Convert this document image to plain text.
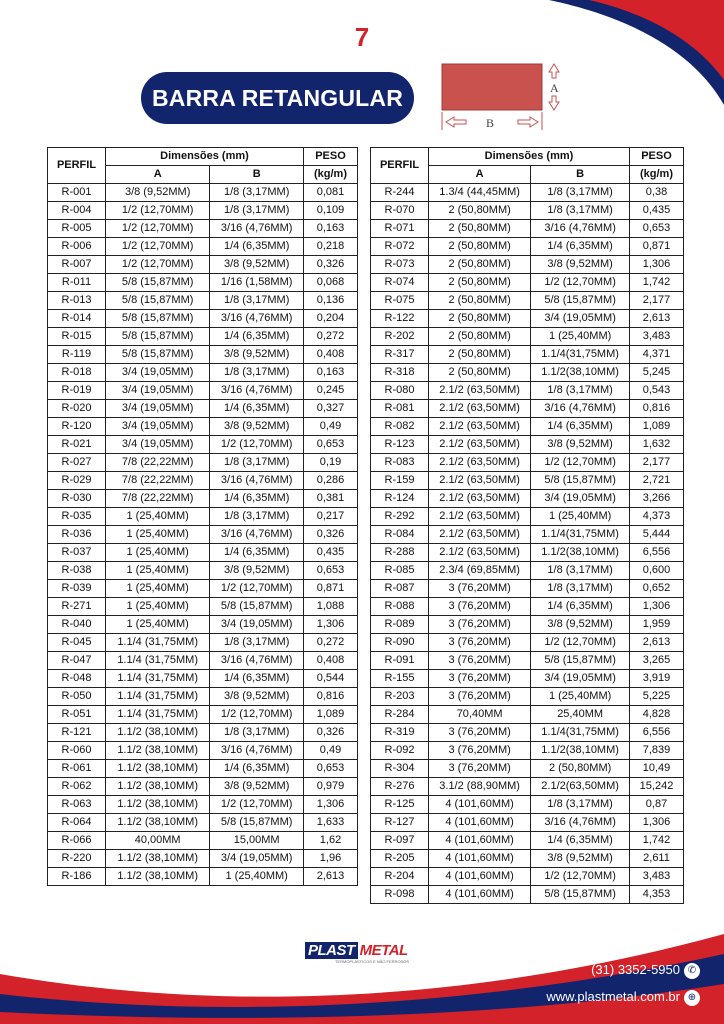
7
BARRA RETANGULAR	A
B
PERFIL	Dimensões (mm)		PESO
	A	B	(kg/m)
R-001	3/8 (9,52MM)	1/8 (3,17MM)	0,081
R-004	1/2 (12,70MM)	1/8 (3,17MM)	0,109
R-005	1/2 (12,70MM)	3/16 (4,76MM)	0,163
R-006	1/2 (12,70MM)	1/4 (6,35MM)	0,218
R-007	1/2 (12,70MM)	3/8 (9,52MM)	0,326
R-011	5/8 (15,87MM)	1/16 (1,58MM)	0,068
R-013	5/8 (15,87MM)	1/8 (3,17MM)	0,136
R-014	5/8 (15,87MM)	3/16 (4,76MM)	0,204
R-015	5/8 (15,87MM)	1/4 (6,35MM)	0,272
R-119	5/8 (15,87MM)	3/8 (9,52MM)	0,408
R-018	3/4 (19,05MM)	1/8 (3,17MM)	0,163
R-019	3/4 (19,05MM)	3/16 (4,76MM)	0,245
R-020	3/4 (19,05MM)	1/4 (6,35MM)	0,327
R-120	3/4 (19,05MM)	3/8 (9,52MM)	0,49
R-021	3/4 (19,05MM)	1/2 (12,70MM)	0,653
R-027	7/8 (22,22MM)	1/8 (3,17MM)	0,19
R-029	7/8 (22,22MM)	3/16 (4,76MM)	0,286
R-030	7/8 (22,22MM)	1/4 (6,35MM)	0,381
R-035	1 (25,40MM)	1/8 (3,17MM)	0,217
R-036	1 (25,40MM)	3/16 (4,76MM)	0,326
R-037	1 (25,40MM)	1/4 (6,35MM)	0,435
R-038	1 (25,40MM)	3/8 (9,52MM)	0,653
R-039	1 (25,40MM)	1/2 (12,70MM)	0,871
R-271	1 (25,40MM)	5/8 (15,87MM)	1,088
R-040	1 (25,40MM)	3/4 (19,05MM)	1,306
R-045	1.1/4 (31,75MM)	1/8 (3,17MM)	0,272
R-047	1.1/4 (31,75MM)	3/16 (4,76MM)	0,408
R-048	1.1/4 (31,75MM)	1/4 (6,35MM)	0,544
R-050	1.1/4 (31,75MM)	3/8 (9,52MM)	0,816
R-051	1.1/4 (31,75MM)	1/2 (12,70MM)	1,089
R-121	1.1/2 (38,10MM)	1/8 (3,17MM)	0,326
R-060	1.1/2 (38,10MM)	3/16 (4,76MM)	0,49
R-061	1.1/2 (38,10MM)	1/4 (6,35MM)	0,653
R-062	1.1/2 (38,10MM)	3/8 (9,52MM)	0,979
R-063	1.1/2 (38,10MM)	1/2 (12,70MM)	1,306
R-064	1.1/2 (38,10MM)	5/8 (15,87MM)	1,633
R-066	40,00MM	15,00MM	1,62
R-220	1.1/2 (38,10MM)	3/4 (19,05MM)	1,96
R-186	1.1/2 (38,10MM)	1 (25,40MM)	2,613
PERFIL	Dimensões (mm)		PESO
	A	B	(kg/m)
R-244	1.3/4 (44,45MM)	1/8 (3,17MM)	0,38
R-070	2 (50,80MM)	1/8 (3,17MM)	0,435
R-071	2 (50,80MM)	3/16 (4,76MM)	0,653
R-072	2 (50,80MM)	1/4 (6,35MM)	0,871
R-073	2 (50,80MM)	3/8 (9,52MM)	1,306
R-074	2 (50,80MM)	1/2 (12,70MM)	1,742
R-075	2 (50,80MM)	5/8 (15,87MM)	2,177
R-122	2 (50,80MM)	3/4 (19,05MM)	2,613
R-202	2 (50,80MM)	1 (25,40MM)	3,483
R-317	2 (50,80MM)	1.1/4(31,75MM)	4,371
R-318	2 (50,80MM)	1.1/2(38,10MM)	5,245
R-080	2.1/2 (63,50MM)	1/8 (3,17MM)	0,543
R-081	2.1/2 (63,50MM)	3/16 (4,76MM)	0,816
R-082	2.1/2 (63,50MM)	1/4 (6,35MM)	1,089
R-123	2.1/2 (63,50MM)	3/8 (9,52MM)	1,632
R-083	2.1/2 (63,50MM)	1/2 (12,70MM)	2,177
R-159	2.1/2 (63,50MM)	5/8 (15,87MM)	2,721
R-124	2.1/2 (63,50MM)	3/4 (19,05MM)	3,266
R-292	2.1/2 (63,50MM)	1 (25,40MM)	4,373
R-084	2.1/2 (63,50MM)	1.1/4(31,75MM)	5,444
R-288	2.1/2 (63,50MM)	1.1/2(38,10MM)	6,556
R-085	2.3/4 (69,85MM)	1/8 (3,17MM)	0,600
R-087	3 (76,20MM)	1/8 (3,17MM)	0,652
R-088	3 (76,20MM)	1/4 (6,35MM)	1,306
R-089	3 (76,20MM)	3/8 (9,52MM)	1,959
R-090	3 (76,20MM)	1/2 (12,70MM)	2,613
R-091	3 (76,20MM)	5/8 (15,87MM)	3,265
R-155	3 (76,20MM)	3/4 (19,05MM)	3,919
R-203	3 (76,20MM)	1 (25,40MM)	5,225
R-284	70,40MM	25,40MM	4,828
R-319	3 (76,20MM)	1.1/4(31,75MM)	6,556
R-092	3 (76,20MM)	1.1/2(38,10MM)	7,839
R-304	3 (76,20MM)	2 (50,80MM)	10,49
R-276	3.1/2 (88,90MM)	2.1/2(63,50MM)	15,242
R-125	4 (101,60MM)	1/8 (3,17MM)	0,87
R-127	4 (101,60MM)	3/16 (4,76MM)	1,306
R-097	4 (101,60MM)	1/4 (6,35MM)	1,742
R-205	4 (101,60MM)	3/8 (9,52MM)	2,611
R-204	4 (101,60MM)	1/2 (12,70MM)	3,483
R-098	4 (101,60MM)	5/8 (15,87MM)	4,353
PLAST METAL
TERMOPLÁSTICOS E NÃO FERROSOS
(31) 3352-5950 ✆
www.plastmetal.com.br ⊕
